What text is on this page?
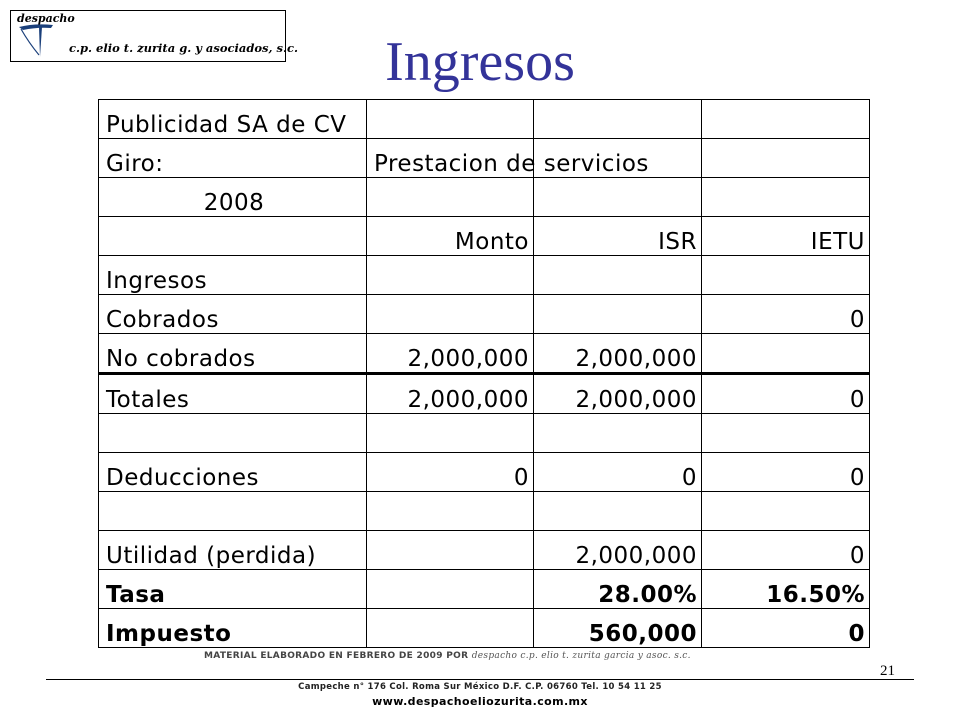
despacho
c.p. elio t. zurita g. y asociados, s.c.	Ingresos
Publicidad SA de CV			
Giro:	Prestacion de servicios		
2008			
	Monto	ISR	IETU
Ingresos			
Cobrados			0
No cobrados	2,000,000	2,000,000	
Totales	2,000,000	2,000,000	0

Deducciones	0	0	0

Utilidad (perdida)		2,000,000	0
Tasa		28.00%	16.50%
Impuesto		560,000	0
MATERIAL ELABORADO EN FEBRERO DE 2009 POR despacho c.p. elio t. zurita garcia y asoc. s.c.
21
Campeche n° 176 Col. Roma Sur México D.F. C.P. 06760 Tel. 10 54 11 25
www.despachoeliozurita.com.mx
